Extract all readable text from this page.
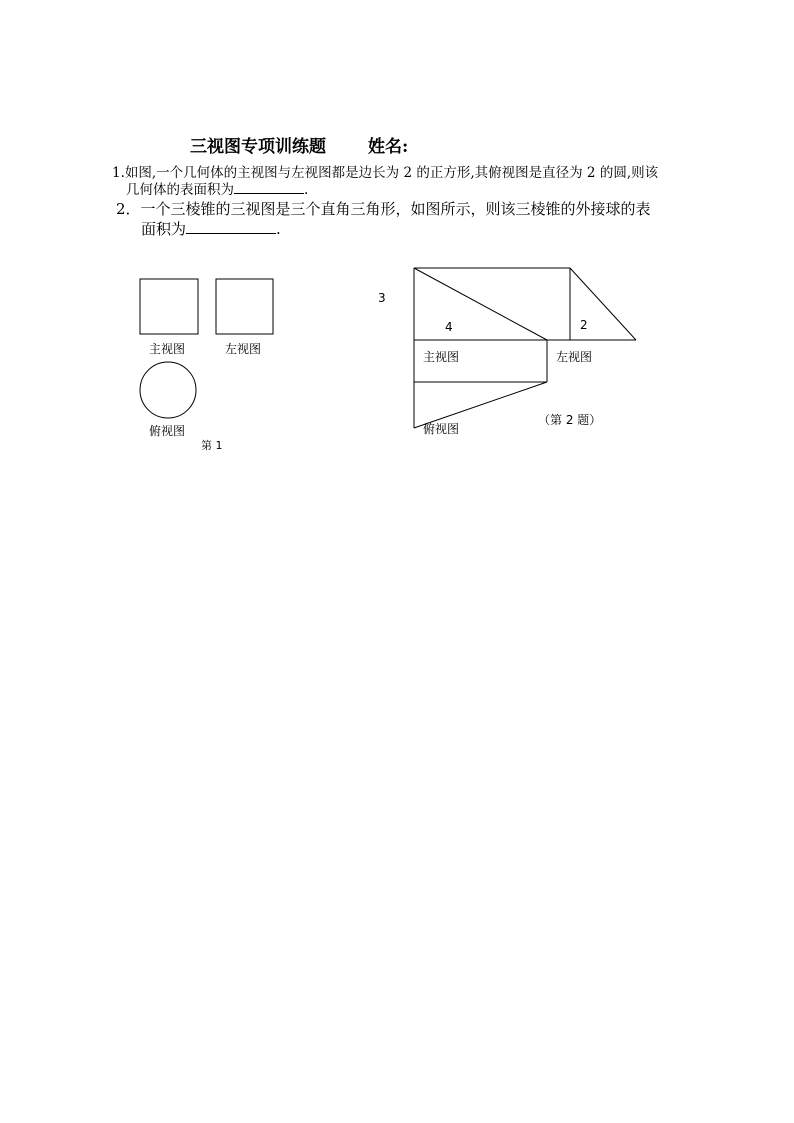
三视图专项训练题 姓名:
1.如图,一个几何体的主视图与左视图都是边长为 2 的正方形,其俯视图是直径为 2 的圆,则该
几何体的表面积为	.
2．一个三棱锥的三视图是三个直角三角形，如图所示，则该三棱锥的外接球的表
面积为	.
主视图	左视图
俯视图
第 1
3
4	2
主视图	左视图
俯视图
（第 2 题）
